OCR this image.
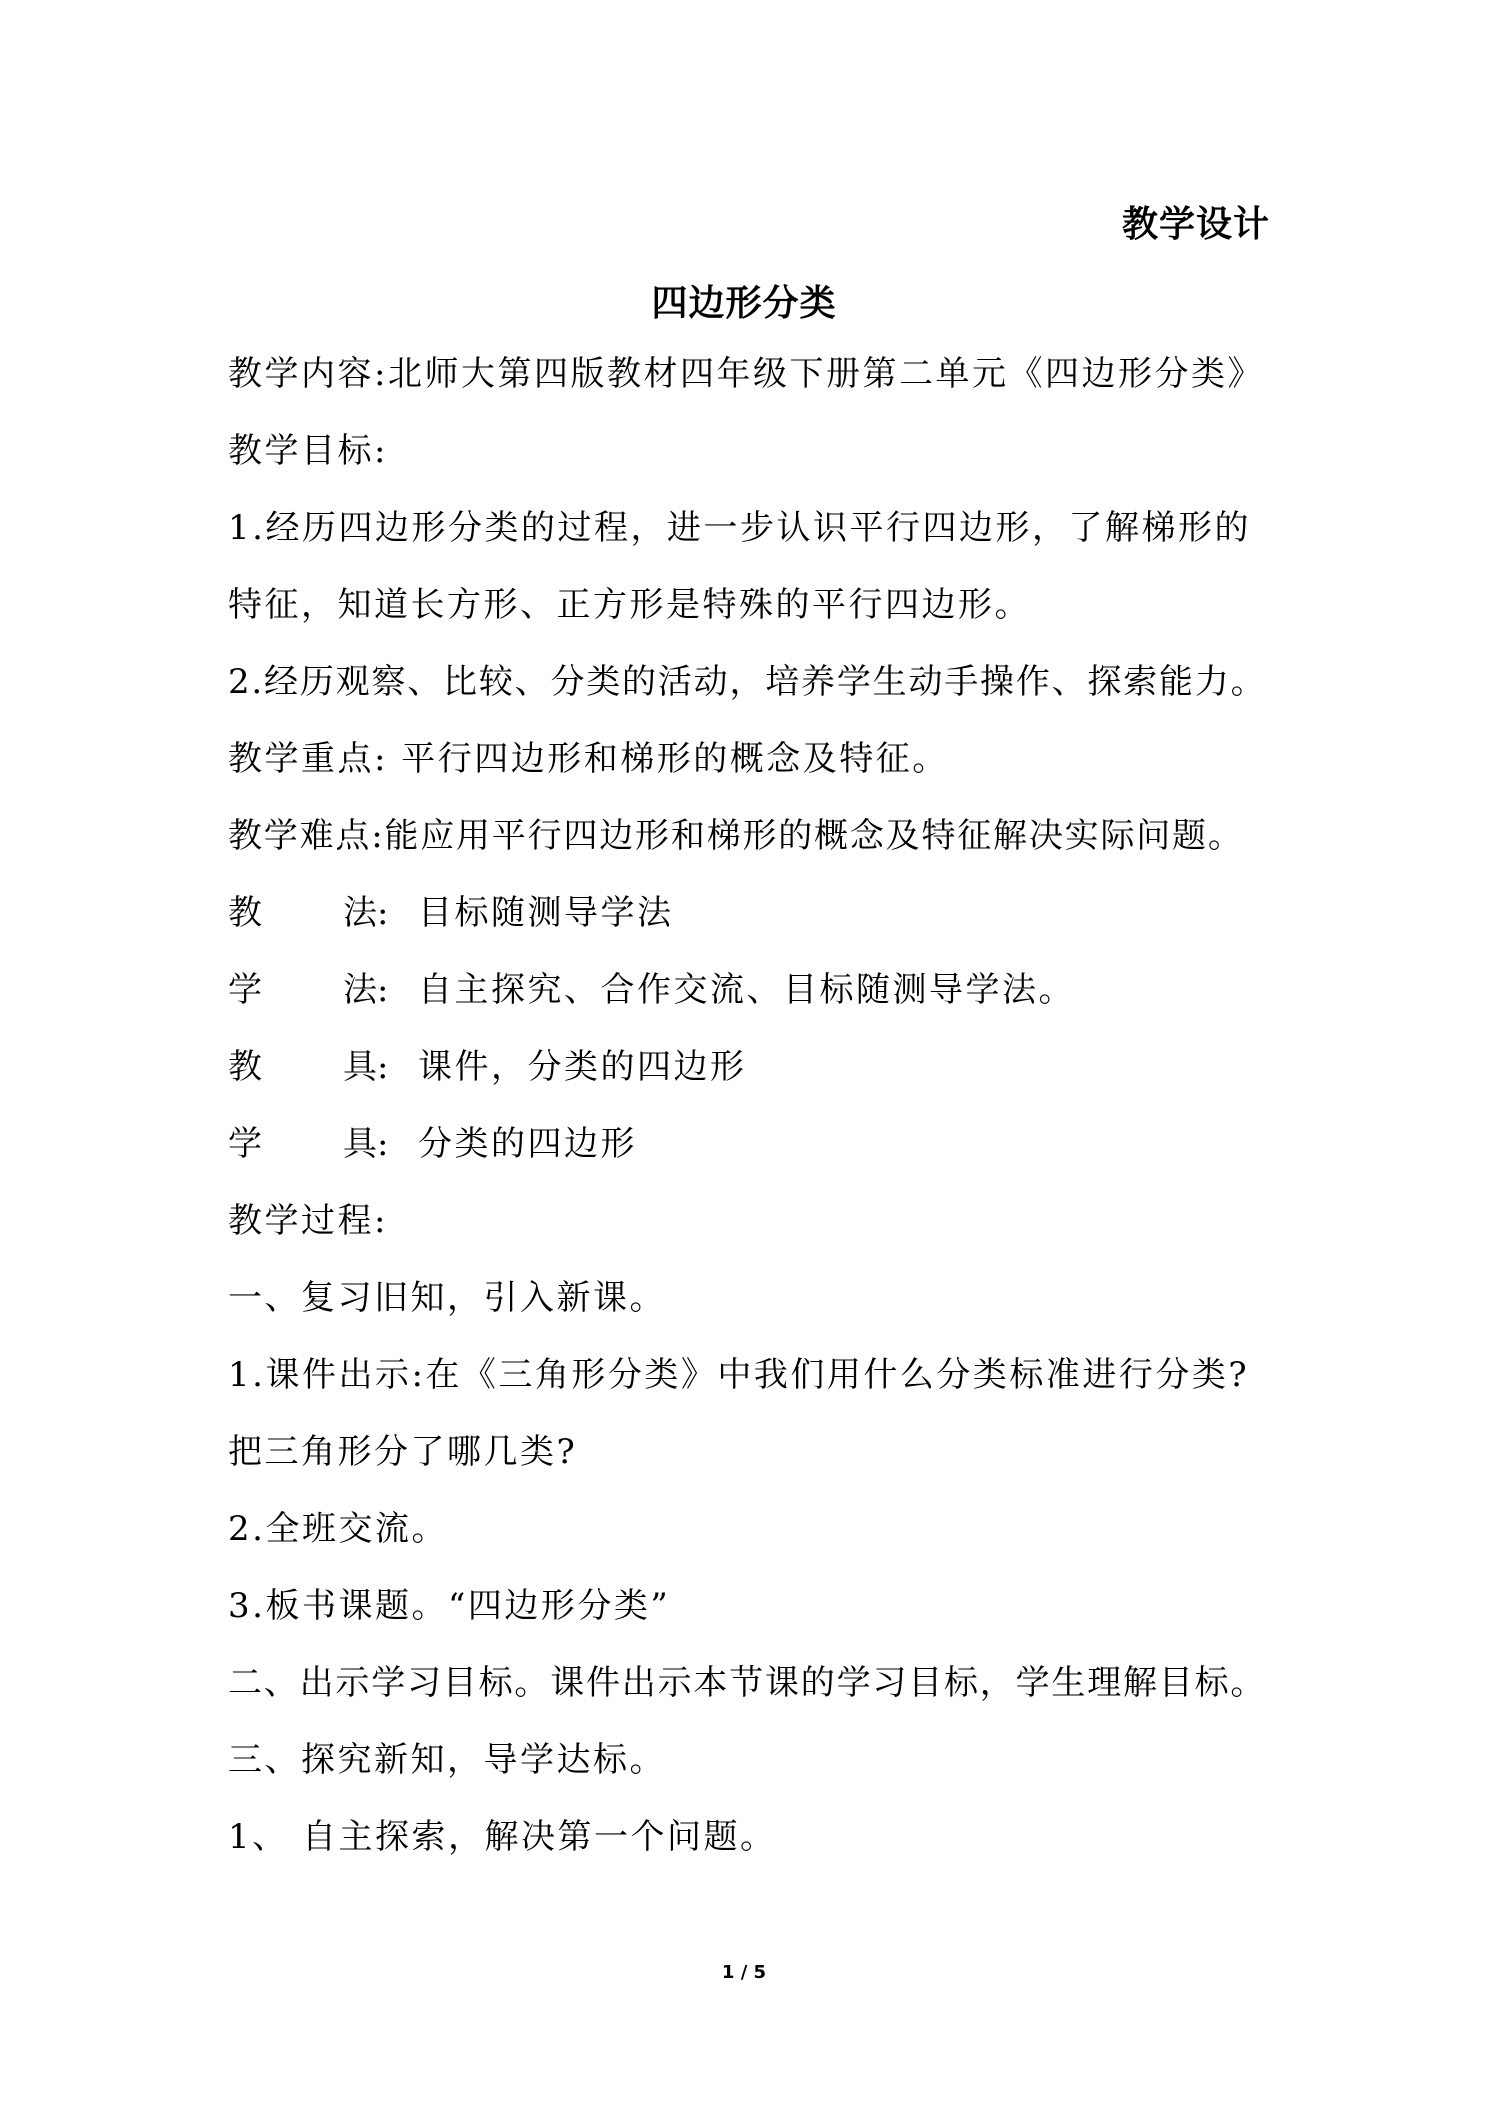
教学设计
四边形分类
教学内容:北师大第四版教材四年级下册第二单元《四边形分类》
教学目标:
1.经历四边形分类的过程，进一步认识平行四边形，了解梯形的
特征，知道长方形、正方形是特殊的平行四边形。
2.经历观察、比较、分类的活动，培养学生动手操作、探索能力。
教学重点: 平行四边形和梯形的概念及特征。
教学难点:能应用平行四边形和梯形的概念及特征解决实际问题。
教 法: 目标随测导学法
学 法: 自主探究、合作交流、目标随测导学法。
教 具: 课件，分类的四边形
学 具: 分类的四边形
教学过程:
一、复习旧知，引入新课。
1.课件出示:在《三角形分类》中我们用什么分类标准进行分类?
把三角形分了哪几类?
2.全班交流。
3.板书课题。“四边形分类”
二、出示学习目标。课件出示本节课的学习目标，学生理解目标。
三、探究新知，导学达标。
1、 自主探索，解决第一个问题。
1 / 5
